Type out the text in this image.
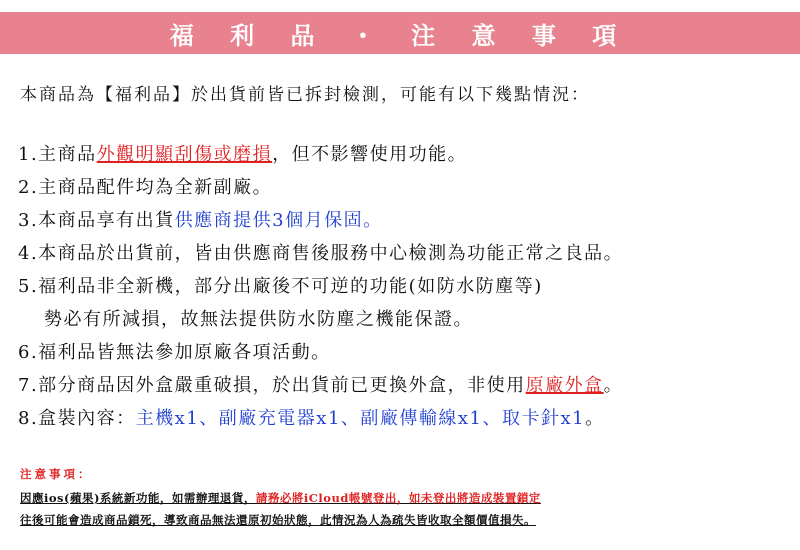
福 利 品 ・ 注 意 事 項
本商品為【福利品】於出貨前皆已拆封檢測，可能有以下幾點情況：
1.主商品外觀明顯刮傷或磨損，但不影響使用功能。
2.主商品配件均為全新副廠。
3.本商品享有出貨供應商提供3個月保固。
4.本商品於出貨前，皆由供應商售後服務中心檢測為功能正常之良品。
5.福利品非全新機，部分出廠後不可逆的功能(如防水防塵等)
勢必有所減損，故無法提供防水防塵之機能保證。
6.福利品皆無法參加原廠各項活動。
7.部分商品因外盒嚴重破損，於出貨前已更換外盒，非使用原廠外盒。
8.盒裝內容：主機x1、副廠充電器x1、副廠傳輸線x1、取卡針x1。
注意事項：
因應ios(蘋果)系統新功能，如需辦理退貨，請務必將iCloud帳號登出，如未登出將造成裝置鎖定
往後可能會造成商品鎖死，導致商品無法還原初始狀態，此情況為人為疏失皆收取全額價值損失。
